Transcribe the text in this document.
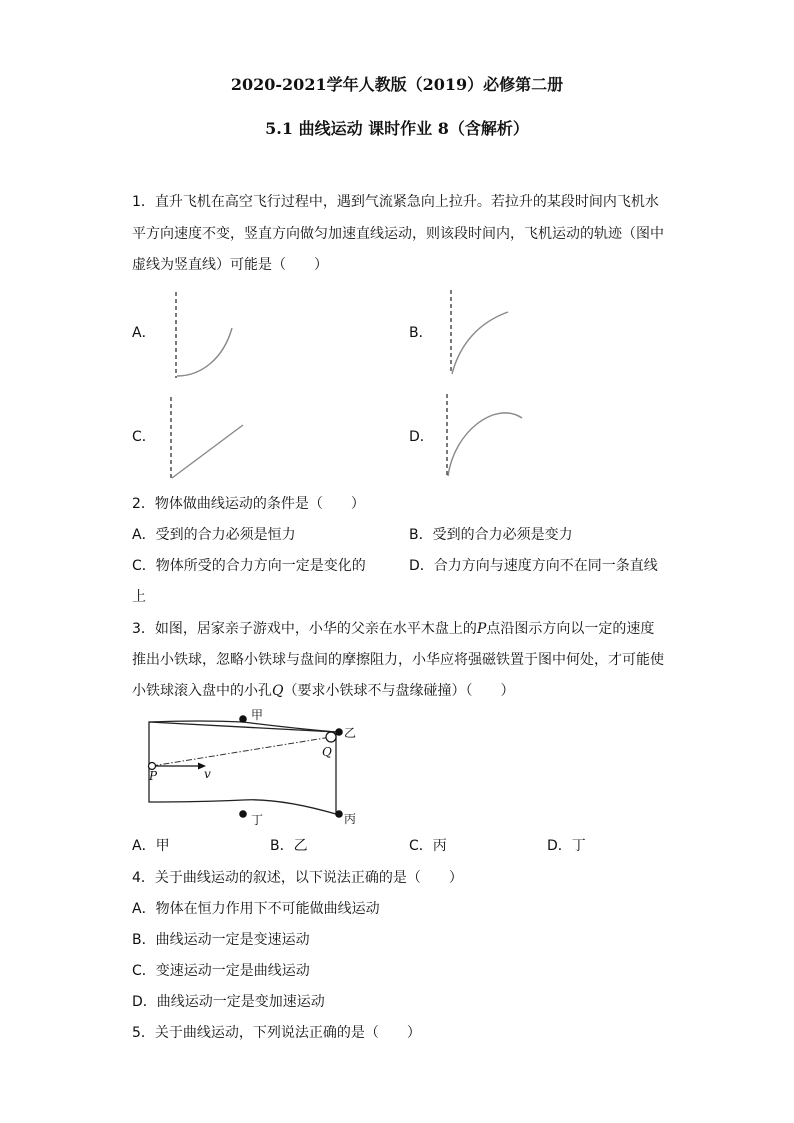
2020-2021学年人教版（2019）必修第二册
5.1 曲线运动 课时作业 8（含解析）
1．直升飞机在高空飞行过程中，遇到气流紧急向上拉升。若拉升的某段时间内飞机水
平方向速度不变，竖直方向做匀加速直线运动，则该段时间内，飞机运动的轨迹（图中
虚线为竖直线）可能是（　　）
A．	B．
C．	D．
2．物体做曲线运动的条件是（　　）
A．受到的合力必须是恒力	B．受到的合力必须是变力
C．物体所受的合力方向一定是变化的	D．合力方向与速度方向不在同一条直线
上
3．如图，居家亲子游戏中，小华的父亲在水平木盘上的P点沿图示方向以一定的速度
推出小铁球，忽略小铁球与盘间的摩擦阻力，小华应将强磁铁置于图中何处，才可能使
小铁球滚入盘中的小孔Q（要求小铁球不与盘缘碰撞）（　　）
甲
乙
丙
丁
P
Q
v
A．甲	B．乙	C．丙	D．丁
4．关于曲线运动的叙述，以下说法正确的是（　　）
A．物体在恒力作用下不可能做曲线运动
B．曲线运动一定是变速运动
C．变速运动一定是曲线运动
D．曲线运动一定是变加速运动
5．关于曲线运动，下列说法正确的是（　　）
